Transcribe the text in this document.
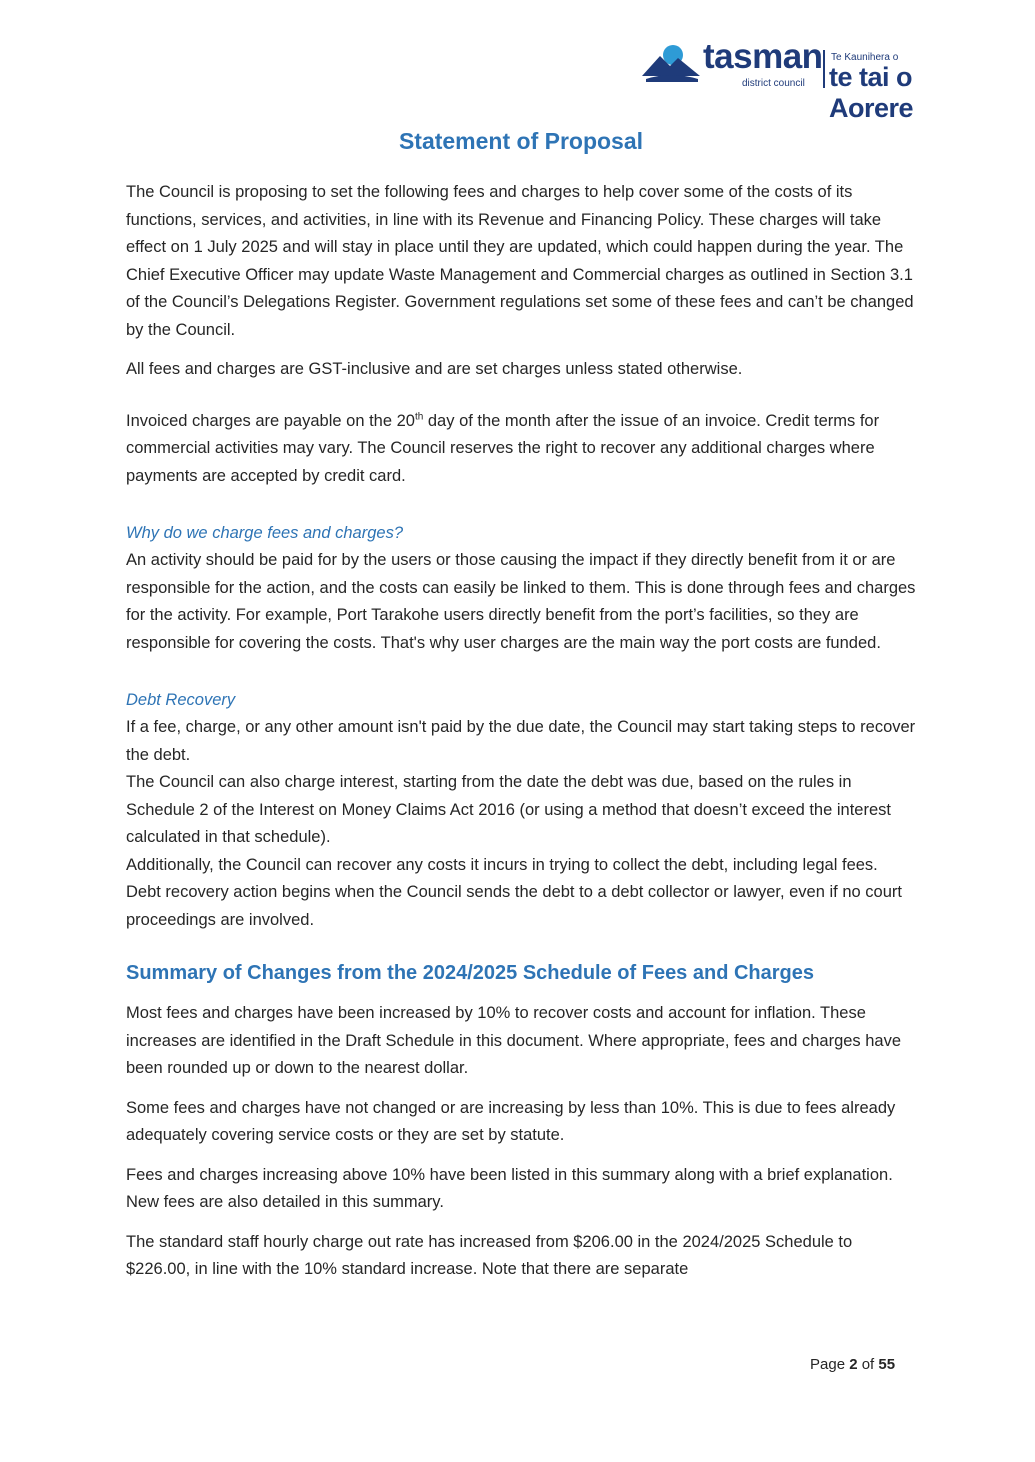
tasman
district council
Te Kaunihera o
te tai o Aorere
Statement of Proposal

The Council is proposing to set the following fees and charges to help cover some of the costs of its functions, services, and activities, in line with its Revenue and Financing Policy. These charges will take effect on 1 July 2025 and will stay in place until they are updated, which could happen during the year. The Chief Executive Officer may update Waste Management and Commercial charges as outlined in Section 3.1 of the Council’s Delegations Register. Government regulations set some of these fees and can’t be changed by the Council.

All fees and charges are GST-inclusive and are set charges unless stated otherwise.

Invoiced charges are payable on the 20th day of the month after the issue of an invoice. Credit terms for commercial activities may vary. The Council reserves the right to recover any additional charges where payments are accepted by credit card.

Why do we charge fees and charges?

An activity should be paid for by the users or those causing the impact if they directly benefit from it or are responsible for the action, and the costs can easily be linked to them. This is done through fees and charges for the activity. For example, Port Tarakohe users directly benefit from the port’s facilities, so they are responsible for covering the costs. That's why user charges are the main way the port costs are funded.

Debt Recovery

If a fee, charge, or any other amount isn't paid by the due date, the Council may start taking steps to recover the debt.

The Council can also charge interest, starting from the date the debt was due, based on the rules in Schedule 2 of the Interest on Money Claims Act 2016 (or using a method that doesn’t exceed the interest calculated in that schedule).

Additionally, the Council can recover any costs it incurs in trying to collect the debt, including legal fees. Debt recovery action begins when the Council sends the debt to a debt collector or lawyer, even if no court proceedings are involved.

Summary of Changes from the 2024/2025 Schedule of Fees and Charges

Most fees and charges have been increased by 10% to recover costs and account for inflation. These increases are identified in the Draft Schedule in this document. Where appropriate, fees and charges have been rounded up or down to the nearest dollar.

Some fees and charges have not changed or are increasing by less than 10%. This is due to fees already adequately covering service costs or they are set by statute.

Fees and charges increasing above 10% have been listed in this summary along with a brief explanation. New fees are also detailed in this summary.

The standard staff hourly charge out rate has increased from $206.00 in the 2024/2025 Schedule to $226.00, in line with the 10% standard increase. Note that there are separate

Page 2 of 55
